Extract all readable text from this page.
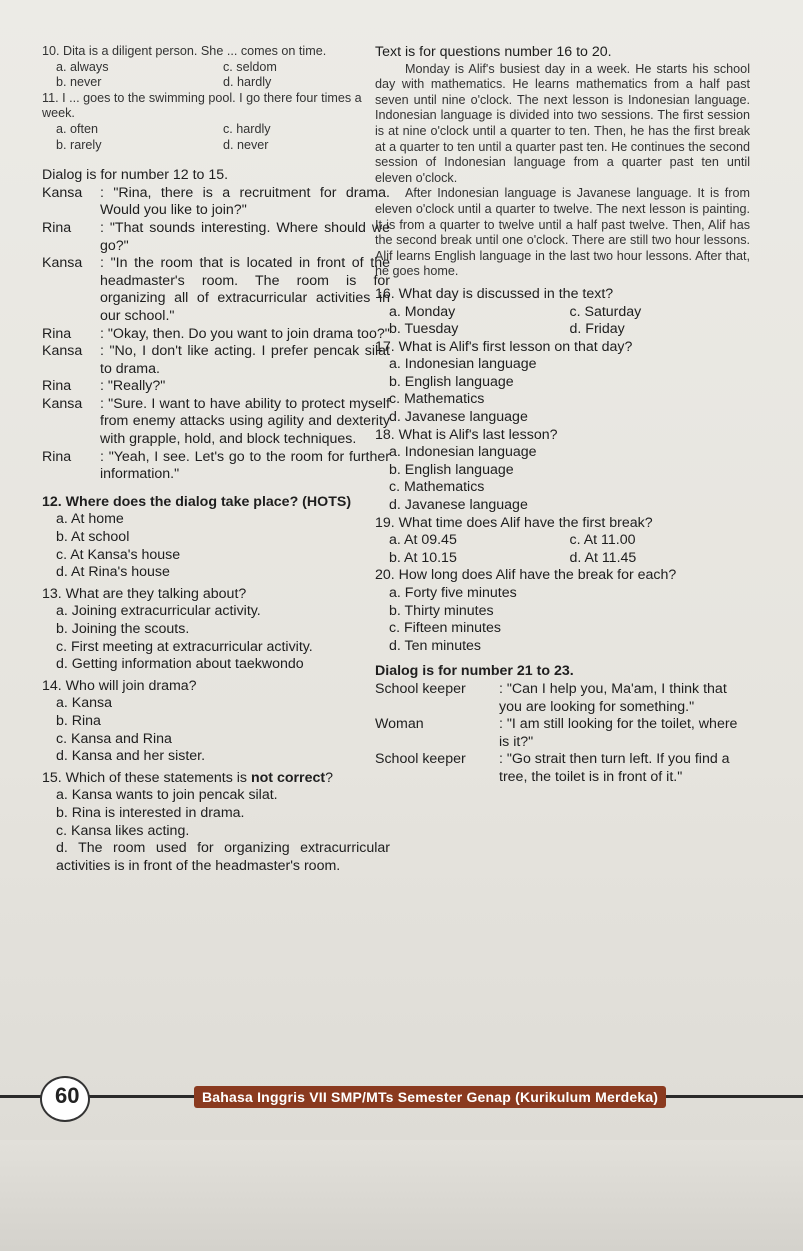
10. Dita is a diligent person. She ... comes on time.

a. always	c. seldom
b. never	d. hardly

11. I ... goes to the swimming pool. I go there four times a week.

a. often	c. hardly
b. rarely	d. never
Dialog is for number 12 to 15.
Kansa	: "Rina, there is a recruitment for drama. Would you like to join?"
Rina	: "That sounds interesting. Where should we go?"
Kansa	: "In the room that is located in front of the headmaster's room. The room is for organizing all of extracurricular activities in our school."
Rina	: "Okay, then. Do you want to join drama too?"
Kansa	: "No, I don't like acting. I prefer pencak silat to drama.
Rina	: "Really?"
Kansa	: "Sure. I want to have ability to protect myself from enemy attacks using agility and dexterity with grapple, hold, and block techniques.
Rina	: "Yeah, I see. Let's go to the room for further information."

12. Where does the dialog take place? (HOTS)

a. At home
b. At school
c. At Kansa's house
d. At Rina's house

13. What are they talking about?

a. Joining extracurricular activity.
b. Joining the scouts.
c. First meeting at extracurricular activity.
d. Getting information about taekwondo

14. Who will join drama?

a. Kansa
b. Rina
c. Kansa and Rina
d. Kansa and her sister.

15. Which of these statements is not correct?

a. Kansa wants to join pencak silat.
b. Rina is interested in drama.
c. Kansa likes acting.
d. The room used for organizing extracurricular activities is in front of the headmaster's room.
Text is for questions number 16 to 20.
Monday is Alif's busiest day in a week. He starts his school day with mathematics. He learns mathematics from a half past seven until nine o'clock. The next lesson is Indonesian language. Indonesian language is divided into two sessions. The first session is at nine o'clock until a quarter to ten. Then, he has the first break at a quarter to ten until a quarter past ten. He continues the second session of Indonesian language from a quarter past ten until eleven o'clock.
After Indonesian language is Javanese language. It is from eleven o'clock until a quarter to twelve. The next lesson is painting. It is from a quarter to twelve until a half past twelve. Then, Alif has the second break until one o'clock. There are still two hour lessons. Alif learns English language in the last two hour lessons. After that, he goes home.

16. What day is discussed in the text?

a. Monday	c. Saturday
b. Tuesday	d. Friday

17. What is Alif's first lesson on that day?

a. Indonesian language
b. English language
c. Mathematics
d. Javanese language

18. What is Alif's last lesson?

a. Indonesian language
b. English language
c. Mathematics
d. Javanese language

19. What time does Alif have the first break?

a. At 09.45	c. At 11.00
b. At 10.15	d. At 11.45

20. How long does Alif have the break for each?

a. Forty five minutes
b. Thirty minutes
c. Fifteen minutes
d. Ten minutes
Dialog is for number 21 to 23.
School keeper	: "Can I help you, Ma'am, I think that you are looking for something."
Woman	: "I am still looking for the toilet, where is it?"
School keeper	: "Go strait then turn left. If you find a tree, the toilet is in front of it."
60	Bahasa Inggris VII SMP/MTs Semester Genap (Kurikulum Merdeka)
